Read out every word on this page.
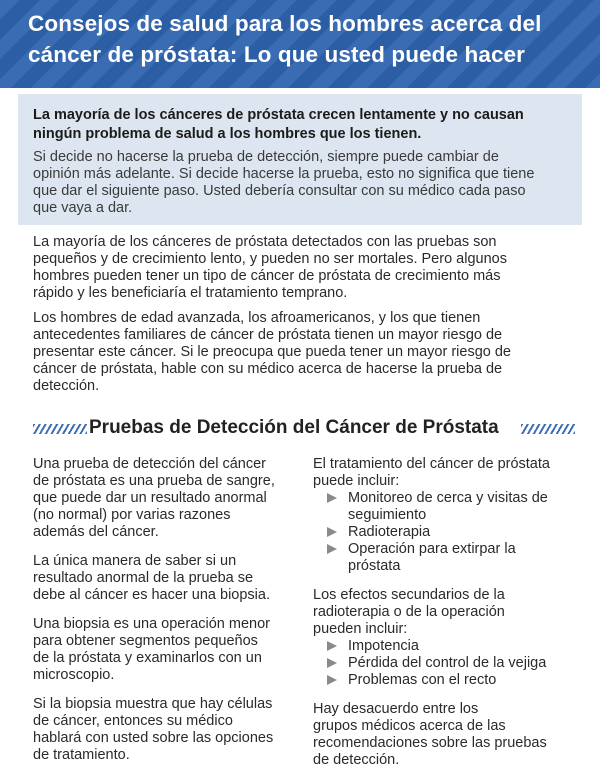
Consejos de salud para los hombres acerca del
cáncer de próstata: Lo que usted puede hacer
La mayoría de los cánceres de próstata crecen lentamente y no causan
ningún problema de salud a los hombres que los tienen.
Si decide no hacerse la prueba de detección, siempre puede cambiar de
opinión más adelante. Si decide hacerse la prueba, esto no significa que tiene
que dar el siguiente paso. Usted debería consultar con su médico cada paso
que vaya a dar.
La mayoría de los cánceres de próstata detectados con las pruebas son
pequeños y de crecimiento lento, y pueden no ser mortales. Pero algunos
hombres pueden tener un tipo de cáncer de próstata de crecimiento más
rápido y les beneficiaría el tratamiento temprano.
Los hombres de edad avanzada, los afroamericanos, y los que tienen
antecedentes familiares de cáncer de próstata tienen un mayor riesgo de
presentar este cáncer. Si le preocupa que pueda tener un mayor riesgo de
cáncer de próstata, hable con su médico acerca de hacerse la prueba de
detección.
Pruebas de Detección del Cáncer de Próstata

Una prueba de detección del cáncer
de próstata es una prueba de sangre,
que puede dar un resultado anormal
(no normal) por varias razones
además del cáncer.

La única manera de saber si un
resultado anormal de la prueba se
debe al cáncer es hacer una biopsia.

Una biopsia es una operación menor
para obtener segmentos pequeños
de la próstata y examinarlos con un
microscopio.

Si la biopsia muestra que hay células
de cáncer, entonces su médico
hablará con usted sobre las opciones
de tratamiento.

El tratamiento del cáncer de próstata
puede incluir:
Monitoreo de cerca y visitas de
seguimiento
Radioterapia
Operación para extirpar la
próstata
Los efectos secundarios de la
radioterapia o de la operación
pueden incluir:
Impotencia
Pérdida del control de la vejiga
Problemas con el recto
Hay desacuerdo entre los
grupos médicos acerca de las
recomendaciones sobre las pruebas
de detección.
